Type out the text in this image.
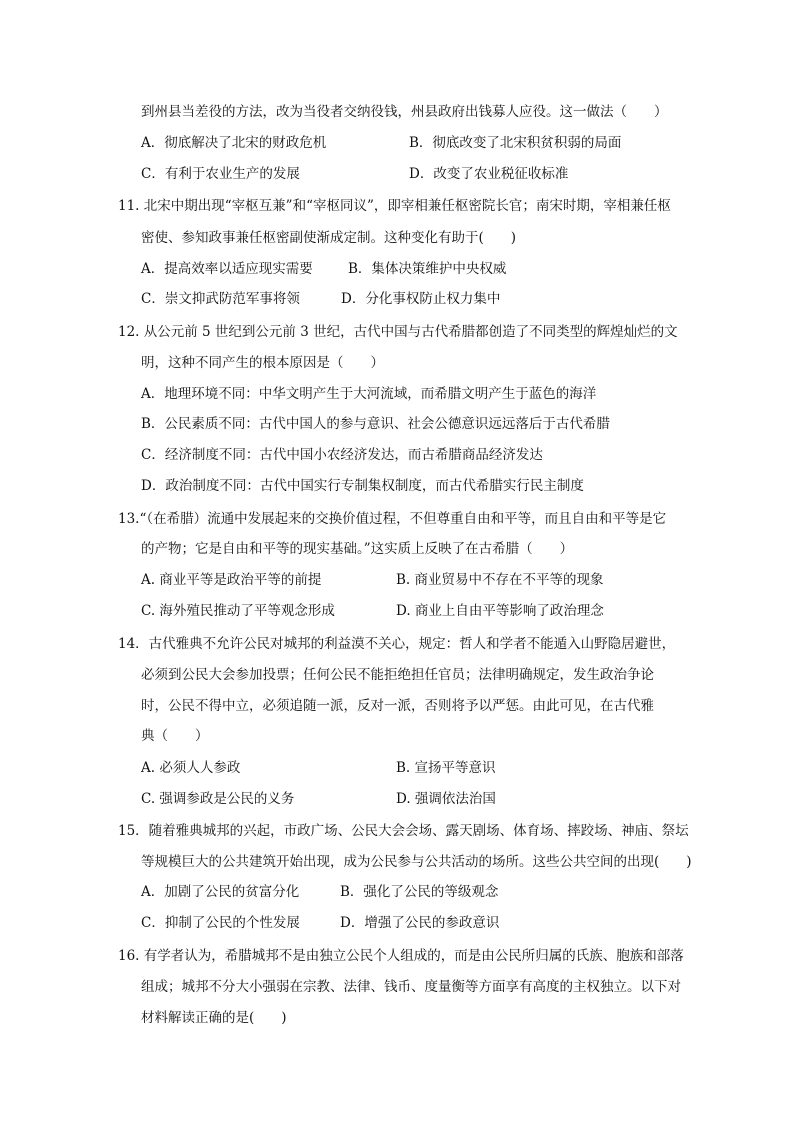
到州县当差役的方法，改为当役者交纳役钱，州县政府出钱募人应役。这一做法（　　）
A．彻底解决了北宋的财政危机	B．彻底改变了北宋积贫积弱的局面
C．有利于农业生产的发展	D．改变了农业税征收标准
11. 北宋中期出现“宰枢互兼”和“宰枢同议”，即宰相兼任枢密院长官；南宋时期，宰相兼任枢
密使、参知政事兼任枢密副使渐成定制。这种变化有助于(　　)
A．提高效率以适应现实需要	B．集体决策维护中央权威
C．崇文抑武防范军事将领	D．分化事权防止权力集中
12. 从公元前 5 世纪到公元前 3 世纪，古代中国与古代希腊都创造了不同类型的辉煌灿烂的文
明，这种不同产生的根本原因是（　　）
A．地理环境不同：中华文明产生于大河流域，而希腊文明产生于蓝色的海洋
B．公民素质不同：古代中国人的参与意识、社会公德意识远远落后于古代希腊
C．经济制度不同：古代中国小农经济发达，而古希腊商品经济发达
D．政治制度不同：古代中国实行专制集权制度，而古代希腊实行民主制度
13.“（在希腊）流通中发展起来的交换价值过程，不但尊重自由和平等，而且自由和平等是它
的产物；它是自由和平等的现实基础。”这实质上反映了在古希腊（　　）
A. 商业平等是政治平等的前提	B. 商业贸易中不存在不平等的现象
C. 海外殖民推动了平等观念形成	D. 商业上自由平等影响了政治理念
14．古代雅典不允许公民对城邦的利益漠不关心，规定：哲人和学者不能遁入山野隐居避世，
必须到公民大会参加投票；任何公民不能拒绝担任官员；法律明确规定，发生政治争论
时，公民不得中立，必须追随一派，反对一派，否则将予以严惩。由此可见，在古代雅
典（　　）
A. 必须人人参政	B. 宣扬平等意识
C. 强调参政是公民的义务	D. 强调依法治国
15．随着雅典城邦的兴起，市政广场、公民大会会场、露天剧场、体育场、摔跤场、神庙、祭坛
等规模巨大的公共建筑开始出现，成为公民参与公共活动的场所。这些公共空间的出现(　　)
A．加剧了公民的贫富分化	B．强化了公民的等级观念
C．抑制了公民的个性发展	D．增强了公民的参政意识
16. 有学者认为，希腊城邦不是由独立公民个人组成的，而是由公民所归属的氏族、胞族和部落
组成；城邦不分大小强弱在宗教、法律、钱币、度量衡等方面享有高度的主权独立。以下对
材料解读正确的是(　　)
